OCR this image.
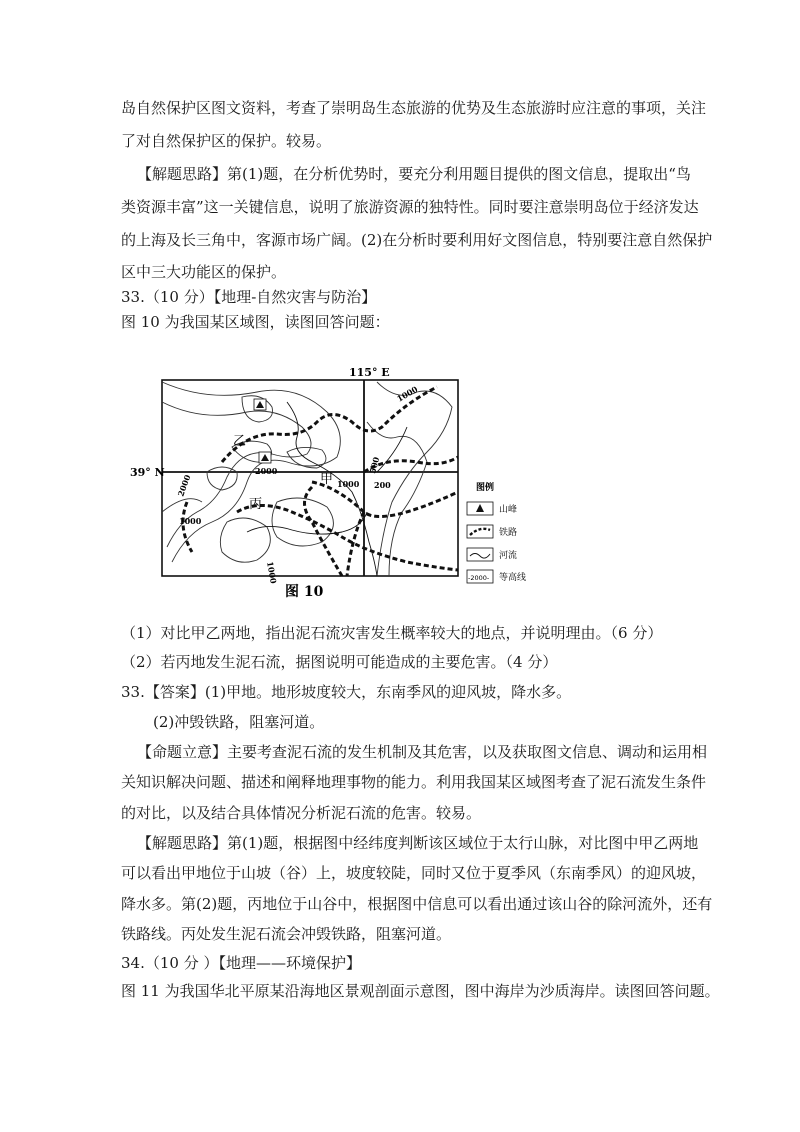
岛自然保护区图文资料，考查了崇明岛生态旅游的优势及生态旅游时应注意的事项，关注
了对自然保护区的保护。较易。
【解题思路】第(1)题，在分析优势时，要充分利用题目提供的图文信息，提取出“鸟
类资源丰富”这一关键信息，说明了旅游资源的独特性。同时要注意崇明岛位于经济发达
的上海及长三角中，客源市场广阔。(2)在分析时要利用好文图信息，特别要注意自然保护
区中三大功能区的保护。
33.（10 分）【地理-自然灾害与防治】
图 10 为我国某区域图，读图回答问题：
115° E
39° N	甲
乙
丙
1000
1000
2000
2000
500
200
1000
1000
图例
山峰
铁路
河流
-2000- 等高线
图 10
（1）对比甲乙两地，指出泥石流灾害发生概率较大的地点，并说明理由。（6 分）
（2）若丙地发生泥石流，据图说明可能造成的主要危害。（4 分）
33.【答案】(1)甲地。地形坡度较大，东南季风的迎风坡，降水多。
(2)冲毁铁路，阻塞河道。
【命题立意】主要考查泥石流的发生机制及其危害，以及获取图文信息、调动和运用相
关知识解决问题、描述和阐释地理事物的能力。利用我国某区域图考查了泥石流发生条件
的对比，以及结合具体情况分析泥石流的危害。较易。
【解题思路】第(1)题，根据图中经纬度判断该区域位于太行山脉，对比图中甲乙两地
可以看出甲地位于山坡（谷）上，坡度较陡，同时又位于夏季风（东南季风）的迎风坡，
降水多。第(2)题，丙地位于山谷中，根据图中信息可以看出通过该山谷的除河流外，还有
铁路线。丙处发生泥石流会冲毁铁路，阻塞河道。
34.（10 分 ）【地理——环境保护】
图 11 为我国华北平原某沿海地区景观剖面示意图，图中海岸为沙质海岸。读图回答问题。
